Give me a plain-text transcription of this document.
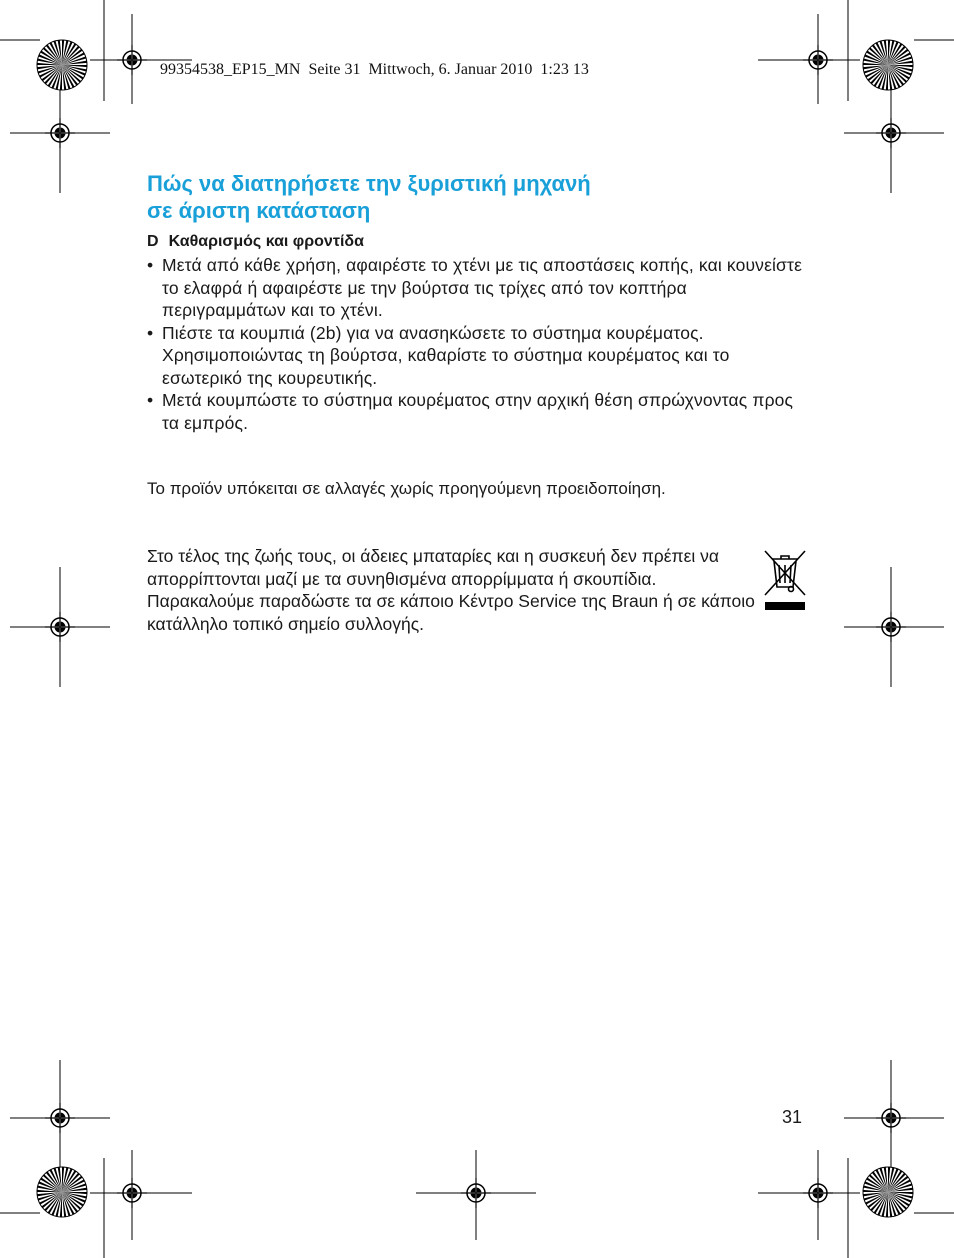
99354538_EP15_MN  Seite 31  Mittwoch, 6. Januar 2010  1:23 13
Πώς να διατηρήσετε την ξυριστική μηχανή
σε άριστη κατάσταση
D Καθαρισμός και φροντίδα
• Μετά από κάθε χρήση, αφαιρέστε το χτένι με τις αποστάσεις κοπής, και κουνείστε το ελαφρά ή αφαιρέστε με την βούρτσα τις τρίχες από τον κοπτήρα περιγραμμάτων και το χτένι.
• Πιέστε τα κουμπιά (2b) για να ανασηκώσετε το σύστημα κουρέματος. Χρησιμοποιώντας τη βούρτσα, καθαρίστε το σύστημα κουρέματος και το εσωτερικό της κουρευτικής.
• Μετά κουμπώστε το σύστημα κουρέματος στην αρχική θέση σπρώχνοντας προς τα εμπρός.
Το προϊόν υπόκειται σε αλλαγές χωρίς προηγούμενη προειδοποίηση.
Στο τέλος της ζωής τους, οι άδειες μπαταρίες και η συσκευή δεν πρέπει να απορρίπτονται μαζί με τα συνηθισμένα απορρίμματα ή σκουπίδια. Παρακαλούμε παραδώστε τα σε κάποιο Κέντρο Service της Braun ή σε κάποιο κατάλληλο τοπικό σημείο συλλογής.
31
